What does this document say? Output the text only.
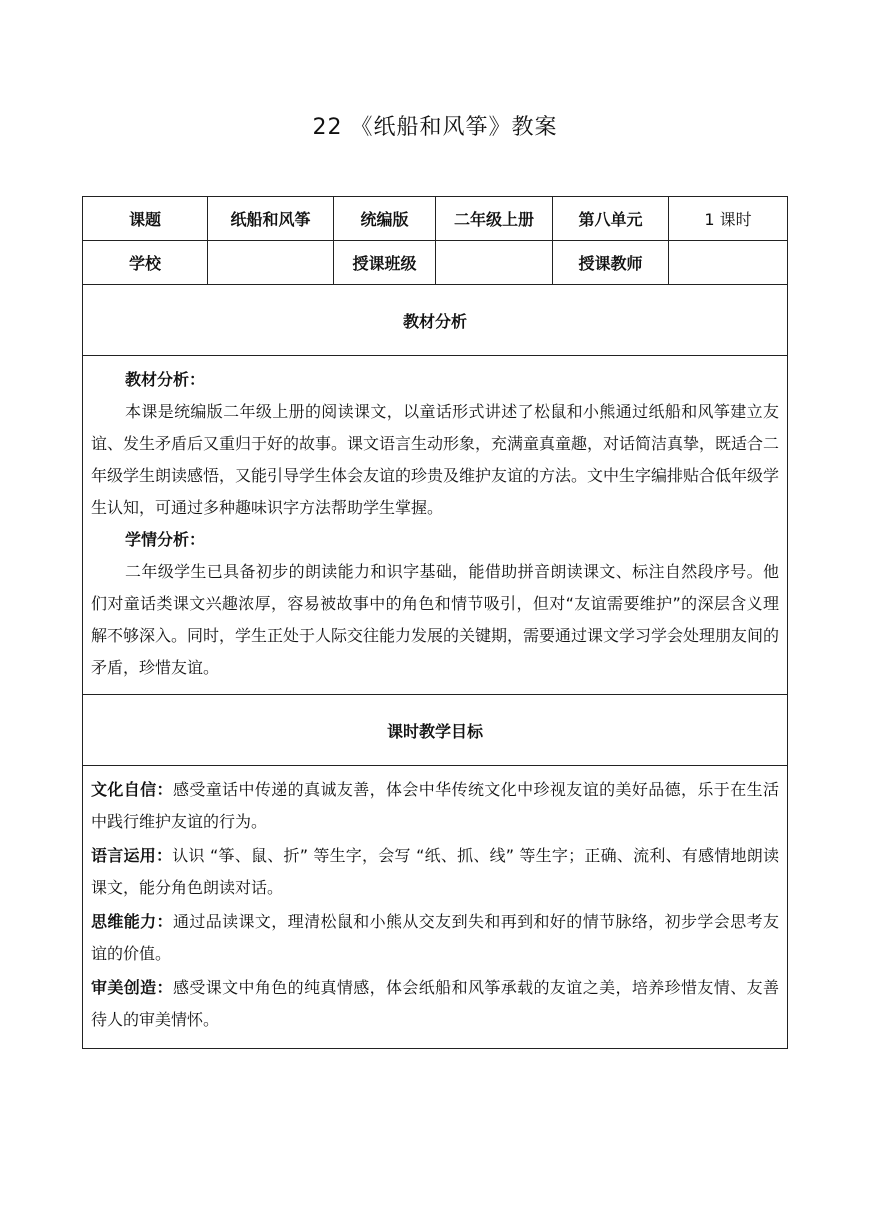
22 《纸船和风筝》教案
课题	纸船和风筝	统编版	二年级上册	第八单元	1 课时
学校		授课班级		授课教师	
教材分析					

教材分析：
本课是统编版二年级上册的阅读课文，以童话形式讲述了松鼠和小熊通过纸船和风筝建立友谊、发生矛盾后又重归于好的故事。课文语言生动形象，充满童真童趣，对话简洁真挚，既适合二年级学生朗读感悟，又能引导学生体会友谊的珍贵及维护友谊的方法。文中生字编排贴合低年级学生认知，可通过多种趣味识字方法帮助学生掌握。
学情分析：
二年级学生已具备初步的朗读能力和识字基础，能借助拼音朗读课文、标注自然段序号。他们对童话类课文兴趣浓厚，容易被故事中的角色和情节吸引，但对“友谊需要维护”的深层含义理解不够深入。同时，学生正处于人际交往能力发展的关键期，需要通过课文学习学会处理朋友间的矛盾，珍惜友谊。					

课时教学目标					

文化自信：感受童话中传递的真诚友善，体会中华传统文化中珍视友谊的美好品德，乐于在生活中践行维护友谊的行为。

语言运用：认识 “筝、鼠、折” 等生字，会写 “纸、抓、线” 等生字；正确、流利、有感情地朗读课文，能分角色朗读对话。

思维能力：通过品读课文，理清松鼠和小熊从交友到失和再到和好的情节脉络，初步学会思考友谊的价值。

审美创造：感受课文中角色的纯真情感，体会纸船和风筝承载的友谊之美，培养珍惜友情、友善待人的审美情怀。					
